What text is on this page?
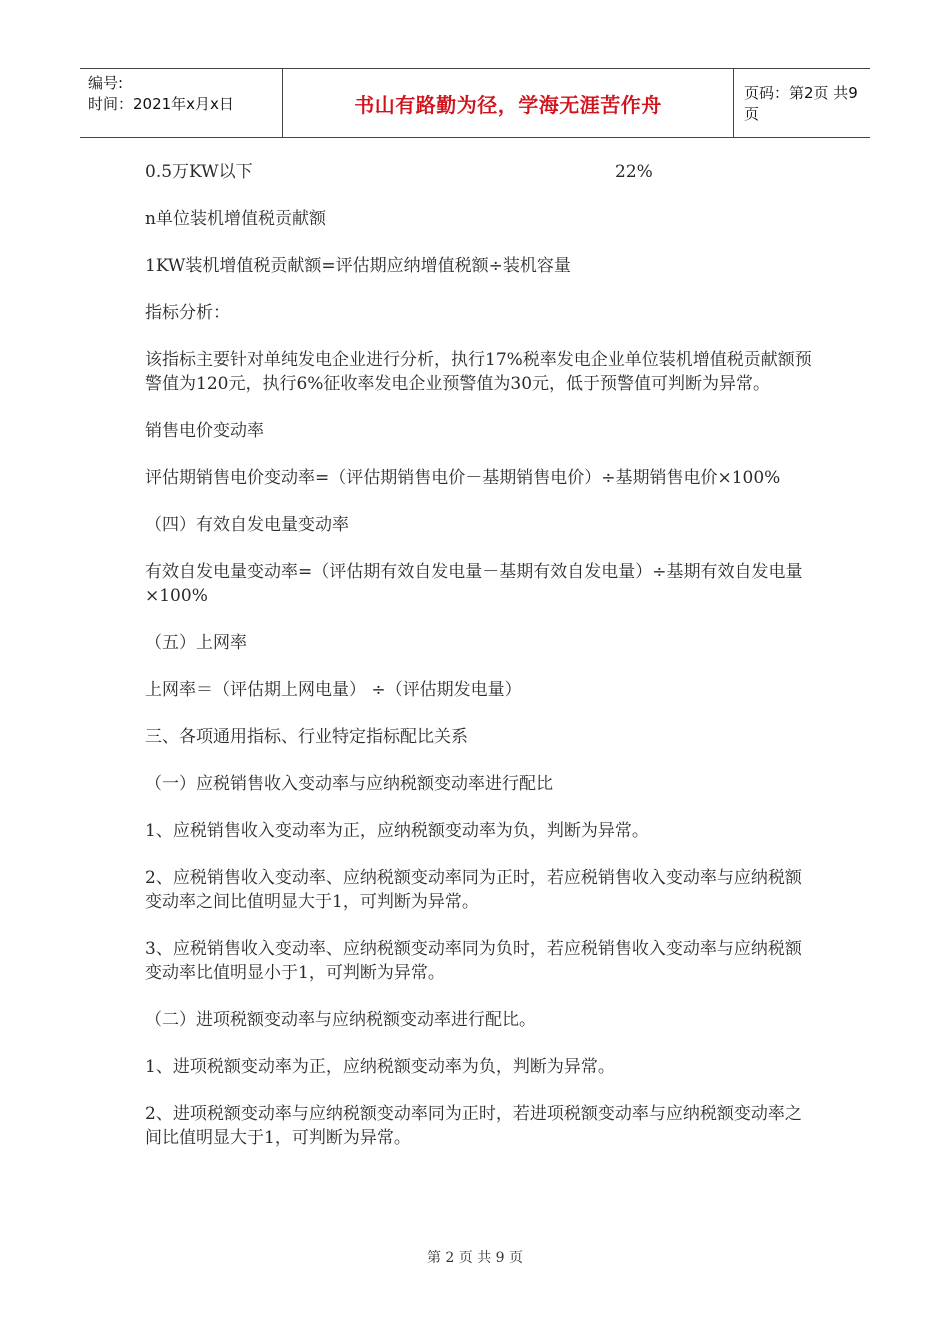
编号:
时间：2021年x月x日	书山有路勤为径，学海无涯苦作舟	页码：第2页 共9页
0.5万KW以下	22%

n单位装机增值税贡献额

1KW装机增值税贡献额=评估期应纳增值税额÷装机容量

指标分析：

该指标主要针对单纯发电企业进行分析，执行17%税率发电企业单位装机增值税贡献额预警值为120元，执行6%征收率发电企业预警值为30元，低于预警值可判断为异常。

销售电价变动率

评估期销售电价变动率=（评估期销售电价－基期销售电价）÷基期销售电价×100%

（四）有效自发电量变动率

有效自发电量变动率=（评估期有效自发电量－基期有效自发电量）÷基期有效自发电量×100%

（五）上网率

上网率＝（评估期上网电量） ÷（评估期发电量）

三、各项通用指标、行业特定指标配比关系

（一）应税销售收入变动率与应纳税额变动率进行配比

1、应税销售收入变动率为正，应纳税额变动率为负，判断为异常。

2、应税销售收入变动率、应纳税额变动率同为正时，若应税销售收入变动率与应纳税额变动率之间比值明显大于1，可判断为异常。

3、应税销售收入变动率、应纳税额变动率同为负时，若应税销售收入变动率与应纳税额变动率比值明显小于1，可判断为异常。

（二）进项税额变动率与应纳税额变动率进行配比。

1、进项税额变动率为正，应纳税额变动率为负，判断为异常。

2、进项税额变动率与应纳税额变动率同为正时，若进项税额变动率与应纳税额变动率之间比值明显大于1，可判断为异常。

第 2 页 共 9 页
